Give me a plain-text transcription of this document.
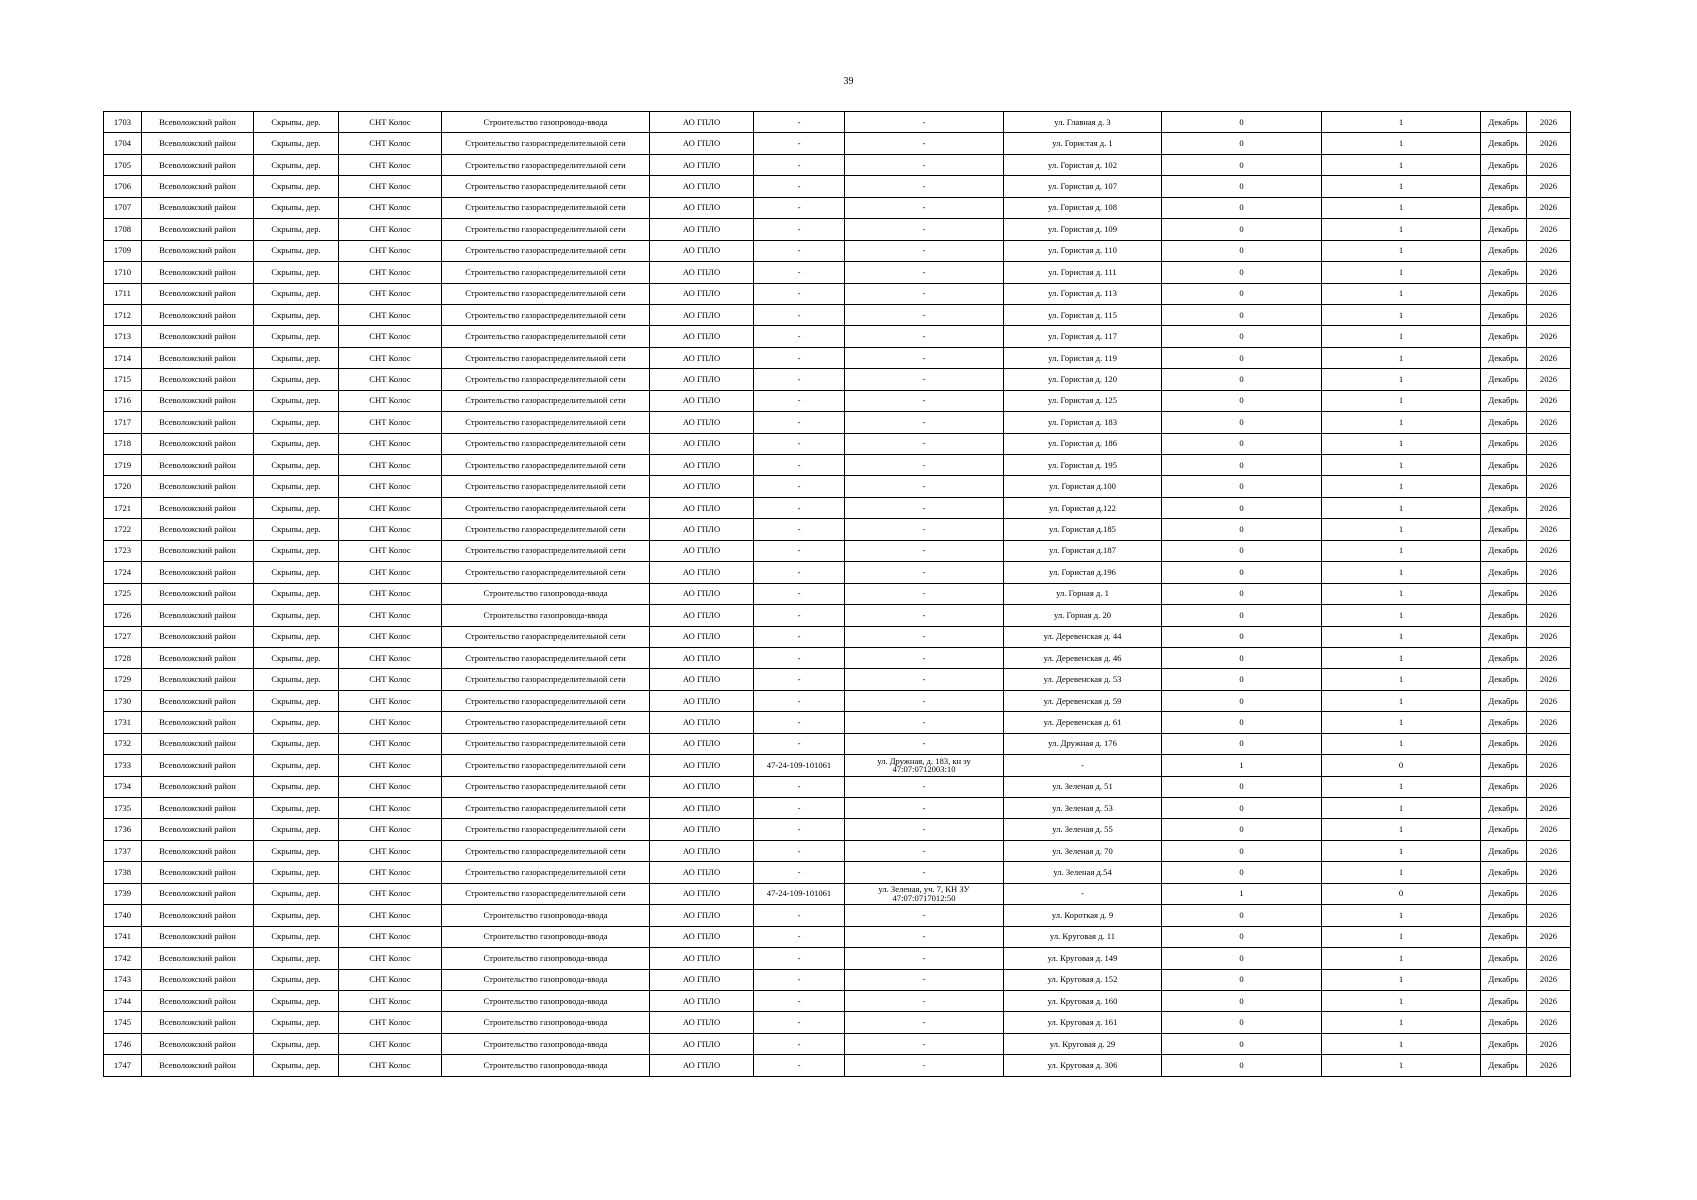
39
1703	Всеволожский район	Скрыпы, дер.	СНТ Колос	Строительство газопровода-ввода	АО ГПЛО	-	-	ул. Главная д. 3	0	1	Декабрь	2026
1704	Всеволожский район	Скрыпы, дер.	СНТ Колос	Строительство газораспределительной сети	АО ГПЛО	-	-	ул. Гористая д. 1	0	1	Декабрь	2026
1705	Всеволожский район	Скрыпы, дер.	СНТ Колос	Строительство газораспределительной сети	АО ГПЛО	-	-	ул. Гористая д. 102	0	1	Декабрь	2026
1706	Всеволожский район	Скрыпы, дер.	СНТ Колос	Строительство газораспределительной сети	АО ГПЛО	-	-	ул. Гористая д. 107	0	1	Декабрь	2026
1707	Всеволожский район	Скрыпы, дер.	СНТ Колос	Строительство газораспределительной сети	АО ГПЛО	-	-	ул. Гористая д. 108	0	1	Декабрь	2026
1708	Всеволожский район	Скрыпы, дер.	СНТ Колос	Строительство газораспределительной сети	АО ГПЛО	-	-	ул. Гористая д. 109	0	1	Декабрь	2026
1709	Всеволожский район	Скрыпы, дер.	СНТ Колос	Строительство газораспределительной сети	АО ГПЛО	-	-	ул. Гористая д. 110	0	1	Декабрь	2026
1710	Всеволожский район	Скрыпы, дер.	СНТ Колос	Строительство газораспределительной сети	АО ГПЛО	-	-	ул. Гористая д. 111	0	1	Декабрь	2026
1711	Всеволожский район	Скрыпы, дер.	СНТ Колос	Строительство газораспределительной сети	АО ГПЛО	-	-	ул. Гористая д. 113	0	1	Декабрь	2026
1712	Всеволожский район	Скрыпы, дер.	СНТ Колос	Строительство газораспределительной сети	АО ГПЛО	-	-	ул. Гористая д. 115	0	1	Декабрь	2026
1713	Всеволожский район	Скрыпы, дер.	СНТ Колос	Строительство газораспределительной сети	АО ГПЛО	-	-	ул. Гористая д. 117	0	1	Декабрь	2026
1714	Всеволожский район	Скрыпы, дер.	СНТ Колос	Строительство газораспределительной сети	АО ГПЛО	-	-	ул. Гористая д. 119	0	1	Декабрь	2026
1715	Всеволожский район	Скрыпы, дер.	СНТ Колос	Строительство газораспределительной сети	АО ГПЛО	-	-	ул. Гористая д. 120	0	1	Декабрь	2026
1716	Всеволожский район	Скрыпы, дер.	СНТ Колос	Строительство газораспределительной сети	АО ГПЛО	-	-	ул. Гористая д. 125	0	1	Декабрь	2026
1717	Всеволожский район	Скрыпы, дер.	СНТ Колос	Строительство газораспределительной сети	АО ГПЛО	-	-	ул. Гористая д. 183	0	1	Декабрь	2026
1718	Всеволожский район	Скрыпы, дер.	СНТ Колос	Строительство газораспределительной сети	АО ГПЛО	-	-	ул. Гористая д. 186	0	1	Декабрь	2026
1719	Всеволожский район	Скрыпы, дер.	СНТ Колос	Строительство газораспределительной сети	АО ГПЛО	-	-	ул. Гористая д. 195	0	1	Декабрь	2026
1720	Всеволожский район	Скрыпы, дер.	СНТ Колос	Строительство газораспределительной сети	АО ГПЛО	-	-	ул. Гористая д.100	0	1	Декабрь	2026
1721	Всеволожский район	Скрыпы, дер.	СНТ Колос	Строительство газораспределительной сети	АО ГПЛО	-	-	ул. Гористая д.122	0	1	Декабрь	2026
1722	Всеволожский район	Скрыпы, дер.	СНТ Колос	Строительство газораспределительной сети	АО ГПЛО	-	-	ул. Гористая д.185	0	1	Декабрь	2026
1723	Всеволожский район	Скрыпы, дер.	СНТ Колос	Строительство газораспределительной сети	АО ГПЛО	-	-	ул. Гористая д.187	0	1	Декабрь	2026
1724	Всеволожский район	Скрыпы, дер.	СНТ Колос	Строительство газораспределительной сети	АО ГПЛО	-	-	ул. Гористая д.196	0	1	Декабрь	2026
1725	Всеволожский район	Скрыпы, дер.	СНТ Колос	Строительство газопровода-ввода	АО ГПЛО	-	-	ул. Горная д. 1	0	1	Декабрь	2026
1726	Всеволожский район	Скрыпы, дер.	СНТ Колос	Строительство газопровода-ввода	АО ГПЛО	-	-	ул. Горная д. 20	0	1	Декабрь	2026
1727	Всеволожский район	Скрыпы, дер.	СНТ Колос	Строительство газораспределительной сети	АО ГПЛО	-	-	ул. Деревенская д. 44	0	1	Декабрь	2026
1728	Всеволожский район	Скрыпы, дер.	СНТ Колос	Строительство газораспределительной сети	АО ГПЛО	-	-	ул. Деревенская д. 46	0	1	Декабрь	2026
1729	Всеволожский район	Скрыпы, дер.	СНТ Колос	Строительство газораспределительной сети	АО ГПЛО	-	-	ул. Деревенская д. 53	0	1	Декабрь	2026
1730	Всеволожский район	Скрыпы, дер.	СНТ Колос	Строительство газораспределительной сети	АО ГПЛО	-	-	ул. Деревенская д. 59	0	1	Декабрь	2026
1731	Всеволожский район	Скрыпы, дер.	СНТ Колос	Строительство газораспределительной сети	АО ГПЛО	-	-	ул. Деревенская д. 61	0	1	Декабрь	2026
1732	Всеволожский район	Скрыпы, дер.	СНТ Колос	Строительство газораспределительной сети	АО ГПЛО	-	-	ул. Дружная д. 176	0	1	Декабрь	2026
1733	Всеволожский район	Скрыпы, дер.	СНТ Колос	Строительство газораспределительной сети	АО ГПЛО	47-24-109-101061	ул. Дружная, д. 183, кн зу 47:07:0712003:10	-	1	0	Декабрь	2026
1734	Всеволожский район	Скрыпы, дер.	СНТ Колос	Строительство газораспределительной сети	АО ГПЛО	-	-	ул. Зеленая д. 51	0	1	Декабрь	2026
1735	Всеволожский район	Скрыпы, дер.	СНТ Колос	Строительство газораспределительной сети	АО ГПЛО	-	-	ул. Зеленая д. 53	0	1	Декабрь	2026
1736	Всеволожский район	Скрыпы, дер.	СНТ Колос	Строительство газораспределительной сети	АО ГПЛО	-	-	ул. Зеленая д. 55	0	1	Декабрь	2026
1737	Всеволожский район	Скрыпы, дер.	СНТ Колос	Строительство газораспределительной сети	АО ГПЛО	-	-	ул. Зеленая д. 70	0	1	Декабрь	2026
1738	Всеволожский район	Скрыпы, дер.	СНТ Колос	Строительство газораспределительной сети	АО ГПЛО	-	-	ул. Зеленая д.54	0	1	Декабрь	2026
1739	Всеволожский район	Скрыпы, дер.	СНТ Колос	Строительство газораспределительной сети	АО ГПЛО	47-24-109-101061	ул. Зеленая, уч. 7, КН ЗУ 47:07:0717012:50	-	1	0	Декабрь	2026
1740	Всеволожский район	Скрыпы, дер.	СНТ Колос	Строительство газопровода-ввода	АО ГПЛО	-	-	ул. Короткая д. 9	0	1	Декабрь	2026
1741	Всеволожский район	Скрыпы, дер.	СНТ Колос	Строительство газопровода-ввода	АО ГПЛО	-	-	ул. Круговая д. 11	0	1	Декабрь	2026
1742	Всеволожский район	Скрыпы, дер.	СНТ Колос	Строительство газопровода-ввода	АО ГПЛО	-	-	ул. Круговая д. 149	0	1	Декабрь	2026
1743	Всеволожский район	Скрыпы, дер.	СНТ Колос	Строительство газопровода-ввода	АО ГПЛО	-	-	ул. Круговая д. 152	0	1	Декабрь	2026
1744	Всеволожский район	Скрыпы, дер.	СНТ Колос	Строительство газопровода-ввода	АО ГПЛО	-	-	ул. Круговая д. 160	0	1	Декабрь	2026
1745	Всеволожский район	Скрыпы, дер.	СНТ Колос	Строительство газопровода-ввода	АО ГПЛО	-	-	ул. Круговая д. 161	0	1	Декабрь	2026
1746	Всеволожский район	Скрыпы, дер.	СНТ Колос	Строительство газопровода-ввода	АО ГПЛО	-	-	ул. Круговая д. 29	0	1	Декабрь	2026
1747	Всеволожский район	Скрыпы, дер.	СНТ Колос	Строительство газопровода-ввода	АО ГПЛО	-	-	ул. Круговая д. 306	0	1	Декабрь	2026
